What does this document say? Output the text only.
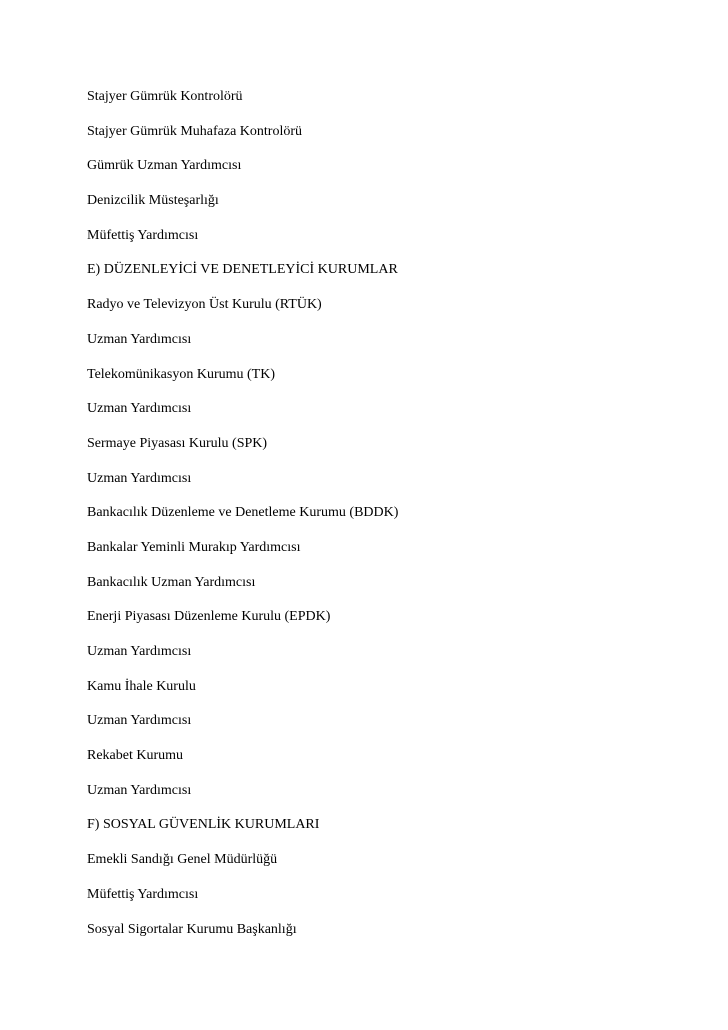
Stajyer Gümrük Kontrolörü
Stajyer Gümrük Muhafaza Kontrolörü
Gümrük Uzman Yardımcısı
Denizcilik Müsteşarlığı
Müfettiş Yardımcısı
E) DÜZENLEYİCİ VE DENETLEYİCİ KURUMLAR
Radyo ve Televizyon Üst Kurulu (RTÜK)
Uzman Yardımcısı
Telekomünikasyon Kurumu (TK)
Uzman Yardımcısı
Sermaye Piyasası Kurulu (SPK)
Uzman Yardımcısı
Bankacılık Düzenleme ve Denetleme Kurumu (BDDK)
Bankalar Yeminli Murakıp Yardımcısı
Bankacılık Uzman Yardımcısı
Enerji Piyasası Düzenleme Kurulu (EPDK)
Uzman Yardımcısı
Kamu İhale Kurulu
Uzman Yardımcısı
Rekabet Kurumu
Uzman Yardımcısı
F) SOSYAL GÜVENLİK KURUMLARI
Emekli Sandığı Genel Müdürlüğü
Müfettiş Yardımcısı
Sosyal Sigortalar Kurumu Başkanlığı
